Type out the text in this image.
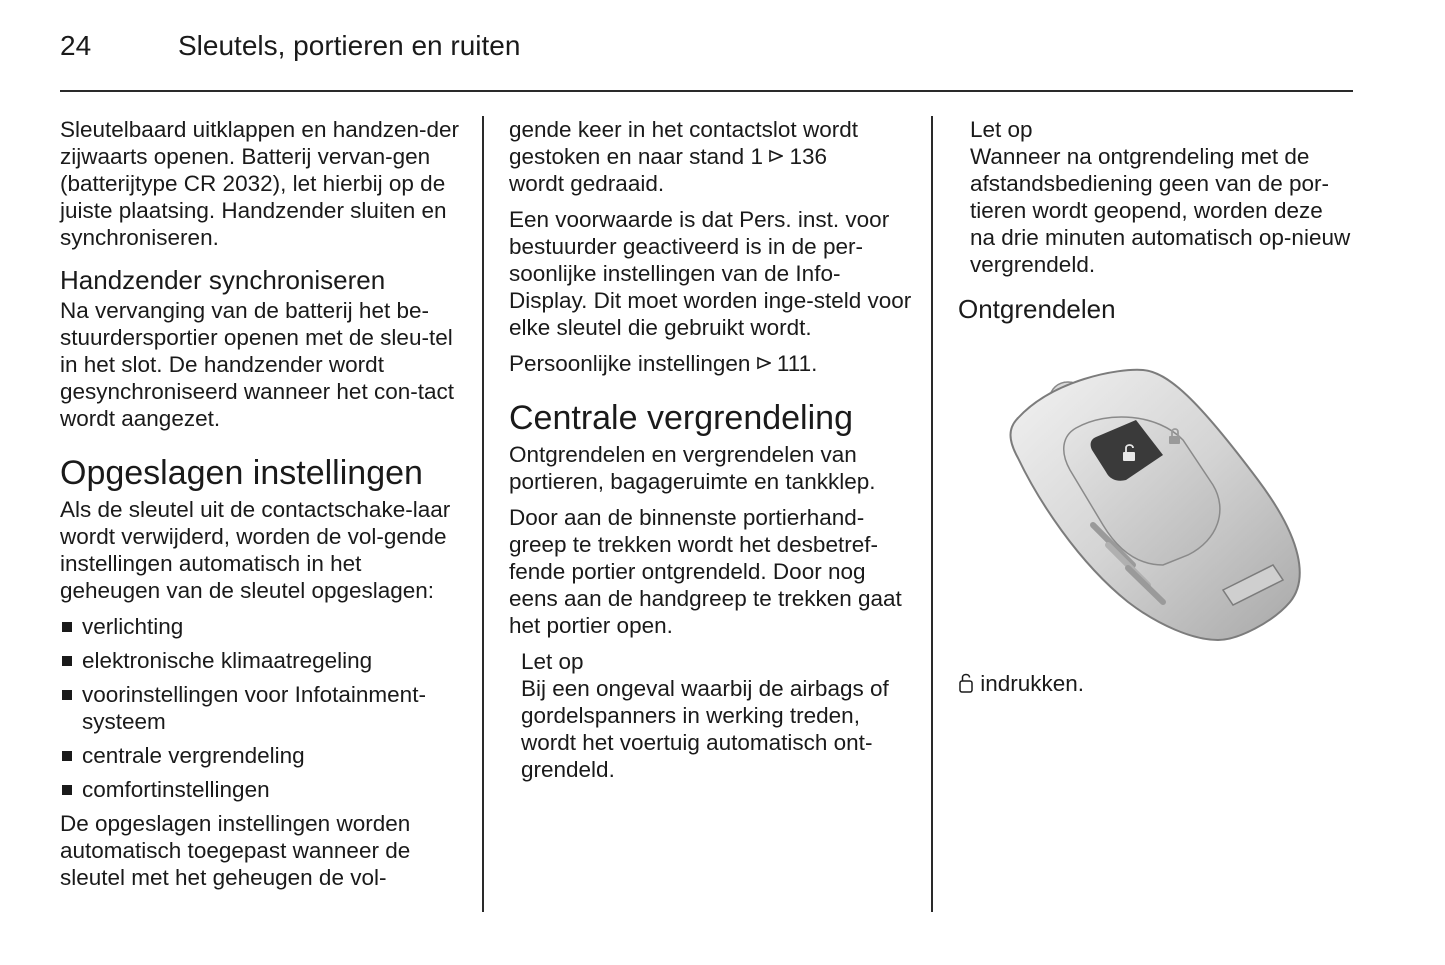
24	Sleutels, portieren en ruiten

Sleutelbaard uitklappen en handzen-der zijwaarts openen. Batterij vervan-gen (batterijtype CR 2032), let hierbij op de juiste plaatsing. Handzender sluiten en synchroniseren.

Handzender synchroniseren

Na vervanging van de batterij het be-stuurdersportier openen met de sleu-tel in het slot. De handzender wordt gesynchroniseerd wanneer het con-tact wordt aangezet.

Opgeslagen instellingen

Als de sleutel uit de contactschake-laar wordt verwijderd, worden de vol-gende instellingen automatisch in het geheugen van de sleutel opgeslagen:

verlichting
elektronische klimaatregeling
voorinstellingen voor Infotainment-systeem
centrale vergrendeling
comfortinstellingen

De opgeslagen instellingen worden automatisch toegepast wanneer de sleutel met het geheugen de vol-

gende keer in het contactslot wordt gestoken en naar stand 1  136
wordt gedraaid.

Een voorwaarde is dat Pers. inst. voor bestuurder geactiveerd is in de per-soonlijke instellingen van de Info-Display. Dit moet worden inge-steld voor elke sleutel die gebruikt wordt.

Persoonlijke instellingen  111.

Centrale vergrendeling

Ontgrendelen en vergrendelen van portieren, bagageruimte en tankklep.

Door aan de binnenste portierhand-greep te trekken wordt het desbetref-fende portier ontgrendeld. Door nog eens aan de handgreep te trekken gaat het portier open.

Let op
Bij een ongeval waarbij de airbags of gordelspanners in werking treden, wordt het voertuig automatisch ont-grendeld.
Let op
Wanneer na ontgrendeling met de afstandsbediening geen van de por-tieren wordt geopend, worden deze na drie minuten automatisch op-nieuw vergrendeld.
Ontgrendelen

indrukken.
